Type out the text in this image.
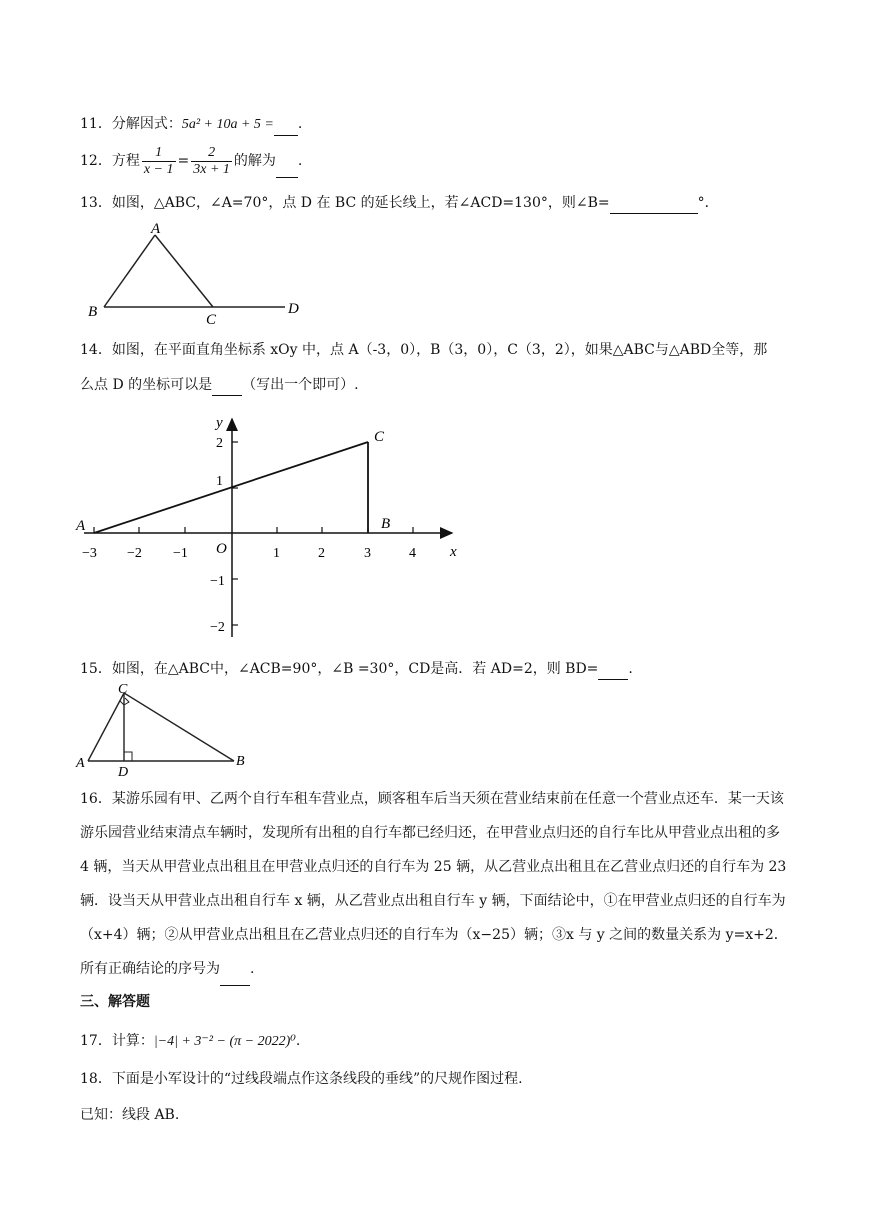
11．分解因式：5a² + 10a + 5 = .
12．方程 $\frac{1}{x - 1} = \frac{2}{3x + 1}$ 的解为 .
13．如图，△ABC，∠A=70°，点 D 在 BC 的延长线上，若∠ACD=130°，则∠B=	°．
A
B	C
D
14．如图，在平面直角坐标系 xOy 中，点 A（-3，0），B（3，0），C（3，2），如果△ABC与△ABD全等，那
么点 D 的坐标可以是 （写出一个即可）.
−3 −2 −1	1	2	3	4
2
1
−1
−2
x
y
O
A	B
C
15．如图，在△ABC中，∠ACB=90°，∠B =30°，CD是高．若 AD=2，则 BD= .
C
A
D
B
16．某游乐园有甲、乙两个自行车租车营业点，顾客租车后当天须在营业结束前在任意一个营业点还车．某一天该游乐园营业结束清点车辆时，发现所有出租的自行车都已经归还，在甲营业点归还的自行车比从甲营业点出租的多 4 辆，当天从甲营业点出租且在甲营业点归还的自行车为 25 辆，从乙营业点出租且在乙营业点归还的自行车为 23 辆．设当天从甲营业点出租自行车 x 辆，从乙营业点出租自行车 y 辆，下面结论中，①在甲营业点归还的自行车为（x+4）辆；②从甲营业点出租且在乙营业点归还的自行车为（x−25）辆；③x 与 y 之间的数量关系为 y=x+2．所有正确结论的序号为 .
三、解答题
17．计算：|−4| + 3⁻² − (π − 2022)⁰.
18．下面是小军设计的“过线段端点作这条线段的垂线”的尺规作图过程.
已知：线段 AB.
